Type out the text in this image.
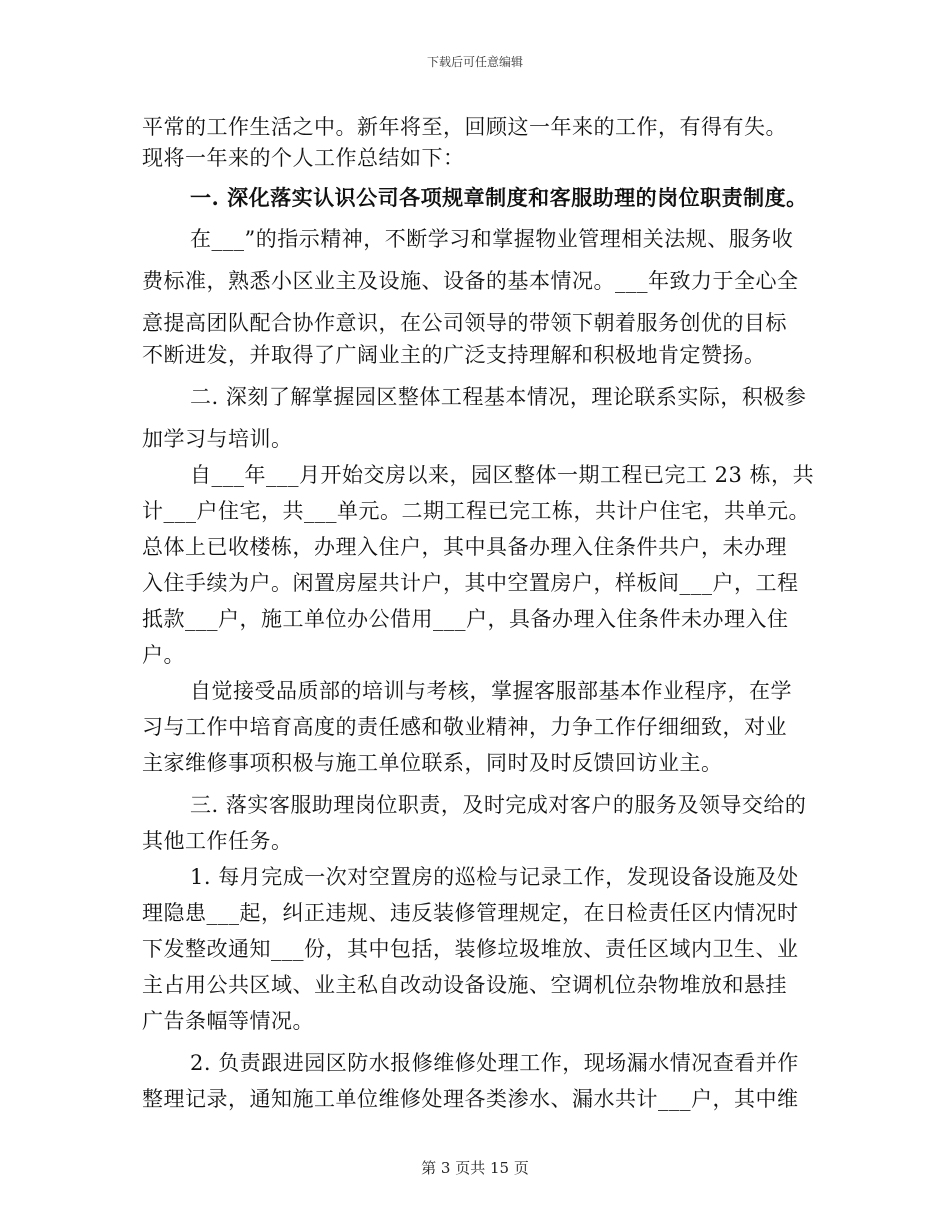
下载后可任意编辑
平常的工作生活之中。新年将至，回顾这一年来的工作，有得有失。
现将一年来的个人工作总结如下：
一. 深化落实认识公司各项规章制度和客服助理的岗位职责制度。
在___”的指示精神，不断学习和掌握物业管理相关法规、服务收
费标准，熟悉小区业主及设施、设备的基本情况。___年致力于全心全
意提高团队配合协作意识，在公司领导的带领下朝着服务创优的目标
不断进发，并取得了广阔业主的广泛支持理解和积极地肯定赞扬。
二. 深刻了解掌握园区整体工程基本情况，理论联系实际，积极参
加学习与培训。
自___年___月开始交房以来，园区整体一期工程已完工 23 栋，共
计___户住宅，共___单元。二期工程已完工栋，共计户住宅，共单元。
总体上已收楼栋，办理入住户，其中具备办理入住条件共户，未办理
入住手续为户。闲置房屋共计户，其中空置房户，样板间___户，工程
抵款___户，施工单位办公借用___户，具备办理入住条件未办理入住
户。
自觉接受品质部的培训与考核，掌握客服部基本作业程序，在学
习与工作中培育高度的责任感和敬业精神，力争工作仔细细致，对业
主家维修事项积极与施工单位联系，同时及时反馈回访业主。
三. 落实客服助理岗位职责，及时完成对客户的服务及领导交给的
其他工作任务。
1. 每月完成一次对空置房的巡检与记录工作，发现设备设施及处
理隐患___起，纠正违规、违反装修管理规定，在日检责任区内情况时
下发整改通知___份，其中包括，装修垃圾堆放、责任区域内卫生、业
主占用公共区域、业主私自改动设备设施、空调机位杂物堆放和悬挂
广告条幅等情况。
2. 负责跟进园区防水报修维修处理工作，现场漏水情况查看并作
整理记录，通知施工单位维修处理各类渗水、漏水共计___户，其中维
第 3 页共 15 页
